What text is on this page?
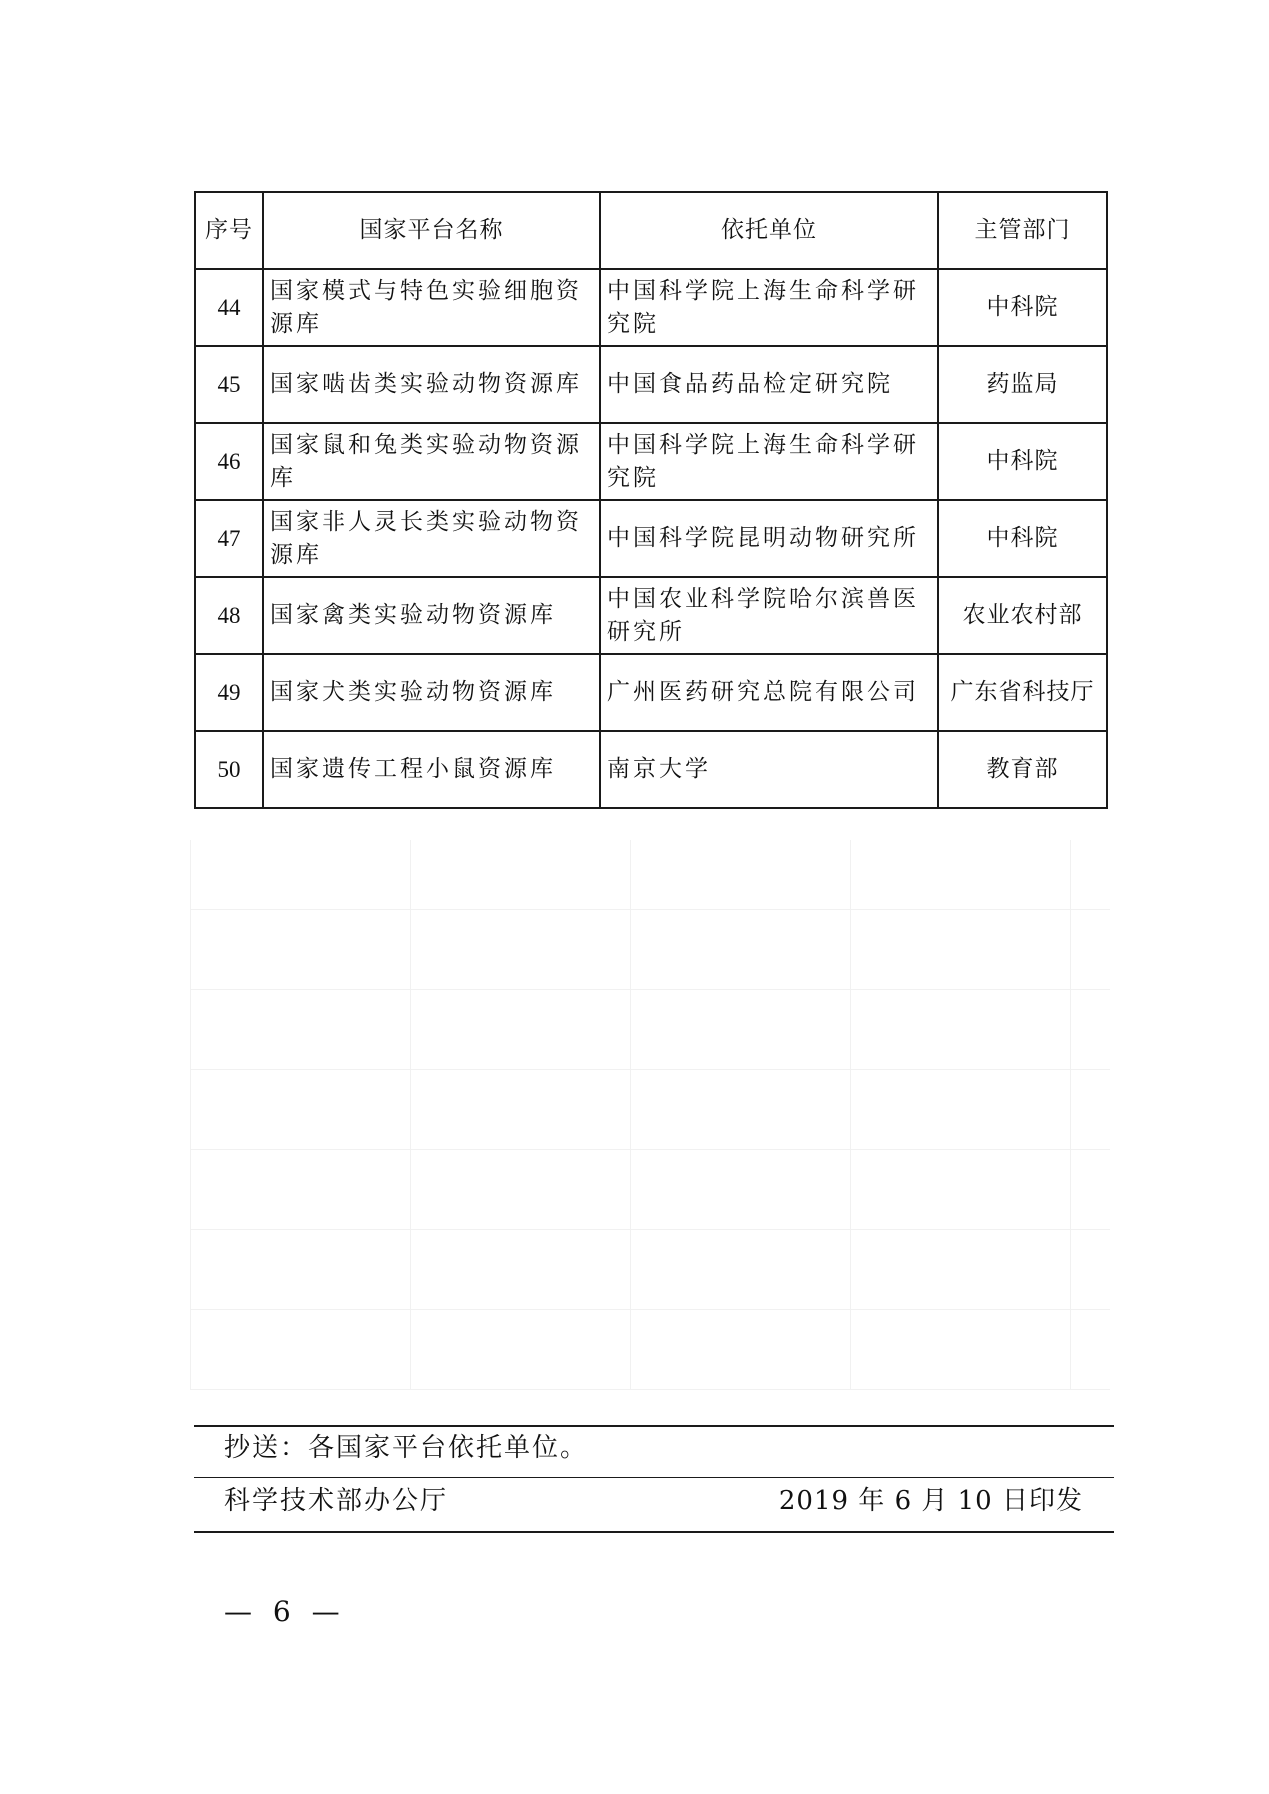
序号	国家平台名称	依托单位	主管部门
44	国家模式与特色实验细胞资源库	中国科学院上海生命科学研究院	中科院
45	国家啮齿类实验动物资源库	中国食品药品检定研究院	药监局
46	国家鼠和兔类实验动物资源库	中国科学院上海生命科学研究院	中科院
47	国家非人灵长类实验动物资源库	中国科学院昆明动物研究所	中科院
48	国家禽类实验动物资源库	中国农业科学院哈尔滨兽医研究所	农业农村部
49	国家犬类实验动物资源库	广州医药研究总院有限公司	广东省科技厅
50	国家遗传工程小鼠资源库	南京大学	教育部
抄送：各国家平台依托单位。
科学技术部办公厅	2019 年 6 月 10 日印发
— 6 —
